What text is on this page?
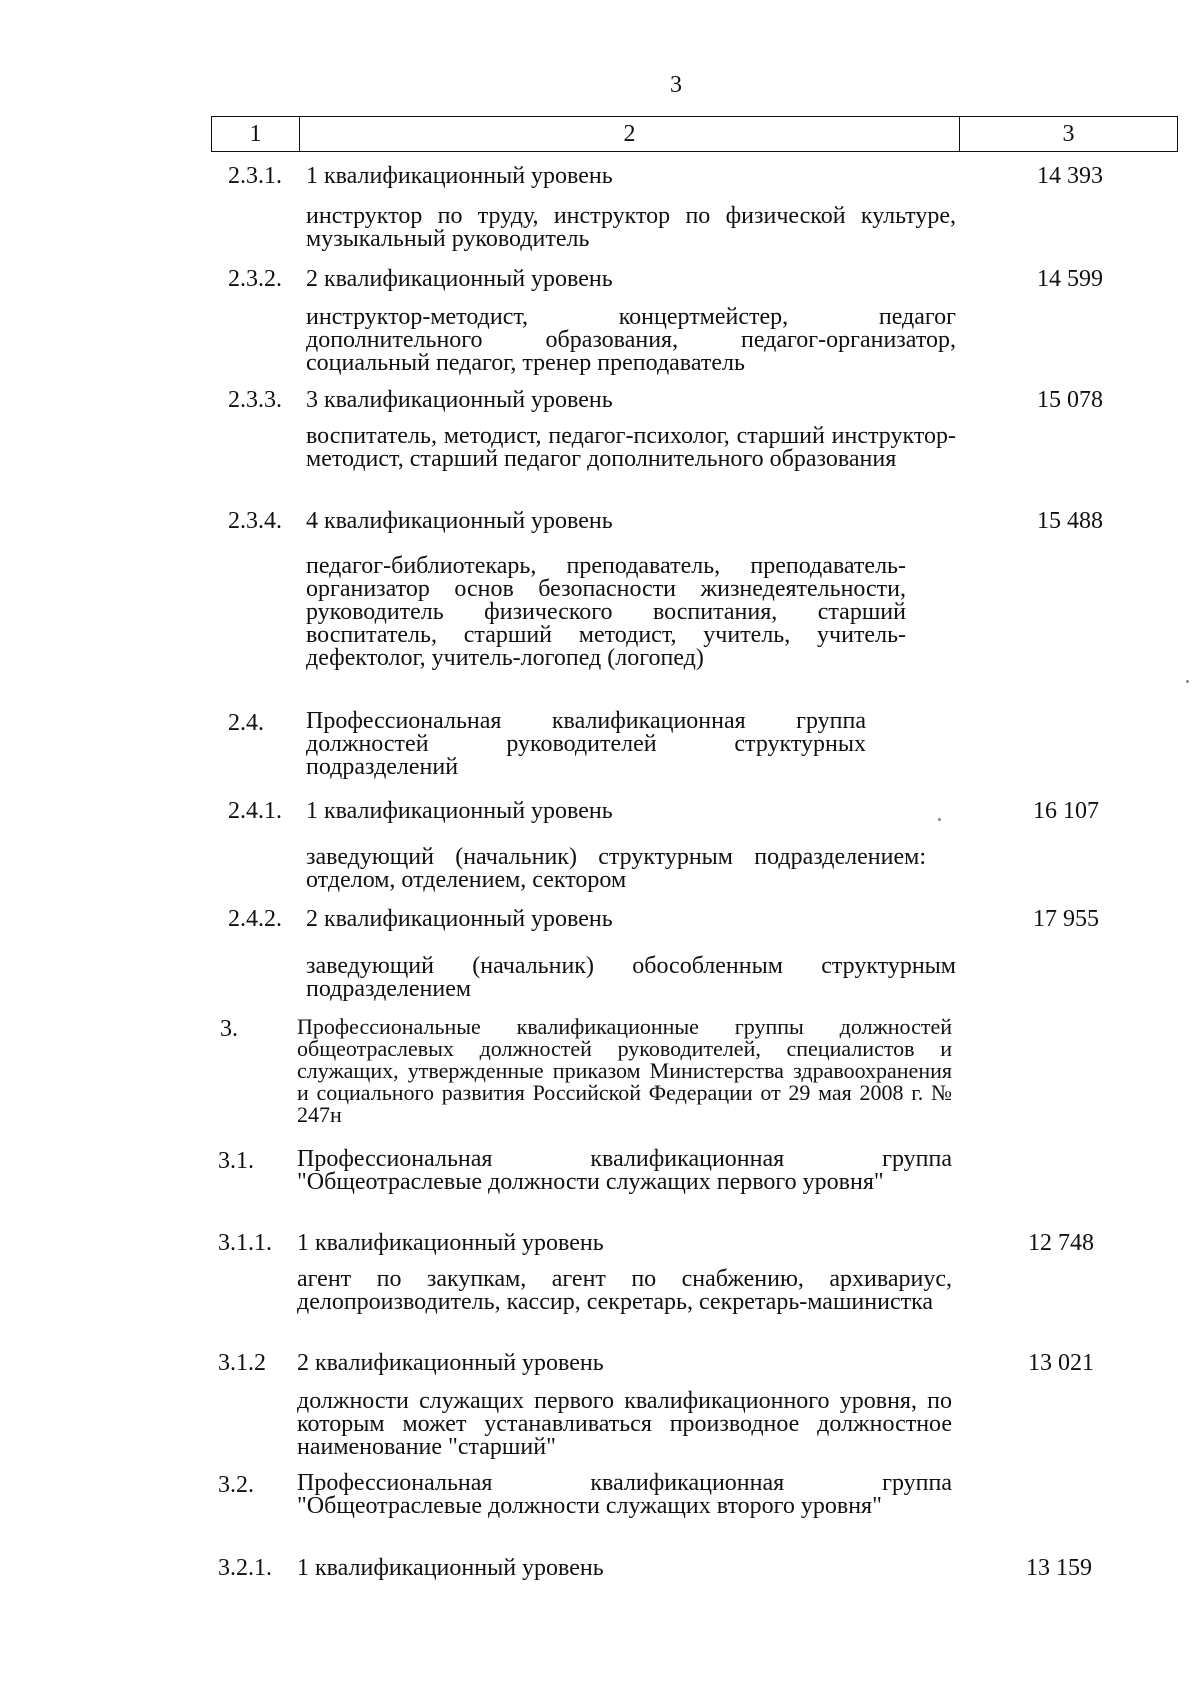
3
1	2	3
2.3.1. 1 квалификационный уровень	14 393
инструктор по труду, инструктор по физической культуре, музыкальный руководитель
2.3.2. 2 квалификационный уровень	14 599
инструктор-методист, концертмейстер, педагог дополнительного образования, педагог-организатор, социальный педагог, тренер преподаватель
2.3.3. 3 квалификационный уровень	15 078
воспитатель, методист, педагог-психолог, старший инструктор-методист, старший педагог дополнительного образования
2.3.4. 4 квалификационный уровень	15 488
педагог-библиотекарь, преподаватель, преподаватель-организатор основ безопасности жизнедеятельности, руководитель физического воспитания, старший воспитатель, старший методист, учитель, учитель-дефектолог, учитель-логопед (логопед)
2.4. Профессиональная квалификационная группа должностей руководителей структурных подразделений
2.4.1. 1 квалификационный уровень	16 107
заведующий (начальник) структурным подразделением: отделом, отделением, сектором
2.4.2. 2 квалификационный уровень	17 955
заведующий (начальник) обособленным структурным подразделением
3.	Профессиональные квалификационные группы должностей общеотраслевых должностей руководителей, специалистов и служащих, утвержденные приказом Министерства здравоохранения и социального развития Российской Федерации от 29 мая 2008 г. № 247н
3.1. Профессиональная квалификационная группа "Общеотраслевые должности служащих первого уровня"
3.1.1. 1 квалификационный уровень	12 748
агент по закупкам, агент по снабжению, архивариус, делопроизводитель, кассир, секретарь, секретарь-машинистка
3.1.2 2 квалификационный уровень	13 021
должности служащих первого квалификационного уровня, по которым может устанавливаться производное должностное наименование "старший"
3.2. Профессиональная квалификационная группа "Общеотраслевые должности служащих второго уровня"
3.2.1. 1 квалификационный уровень	13 159
